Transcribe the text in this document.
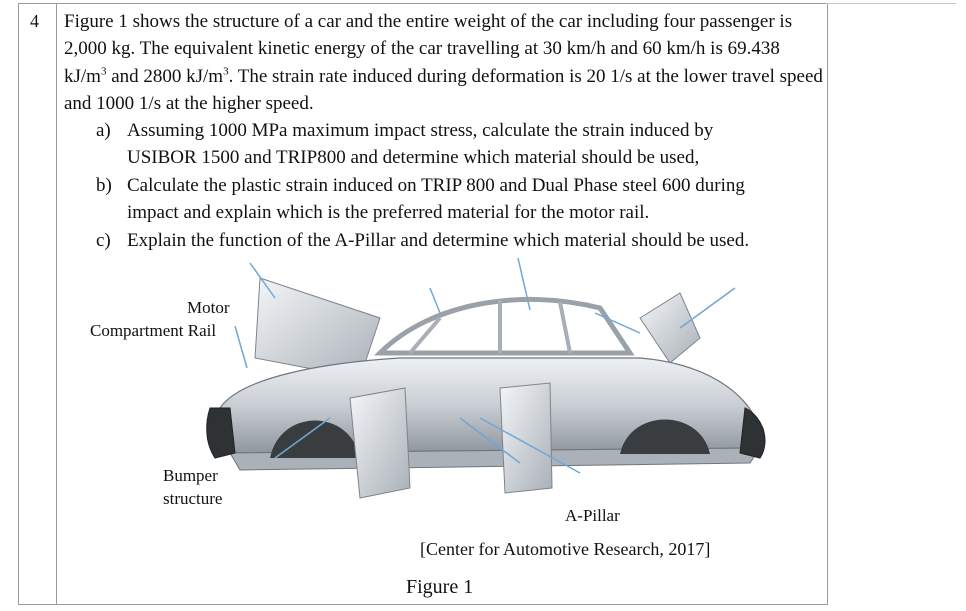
4 Figure 1 shows the structure of a car and the entire weight of the car including four passenger is 2,000 kg. The equivalent kinetic energy of the car travelling at 30 km/h and 60 km/h is 69.438 $kJ/m^3$ and 2800 $kJ/m^3$. The strain rate induced during deformation is 20 1/s at the lower travel speed and 1000 1/s at the higher speed.

a) Assuming 1000 MPa maximum impact stress, calculate the strain induced by
USIBOR 1500 and TRIP800 and determine which material should be used,
b) Calculate the plastic strain induced on TRIP 800 and Dual Phase steel 600 during
impact and explain which is the preferred material for the motor rail.
c) Explain the function of the A-Pillar and determine which material should be used.
Motor
Compartment Rail
Bumper
structure
A-Pillar
[Center for Automotive Research, 2017]
Figure 1
